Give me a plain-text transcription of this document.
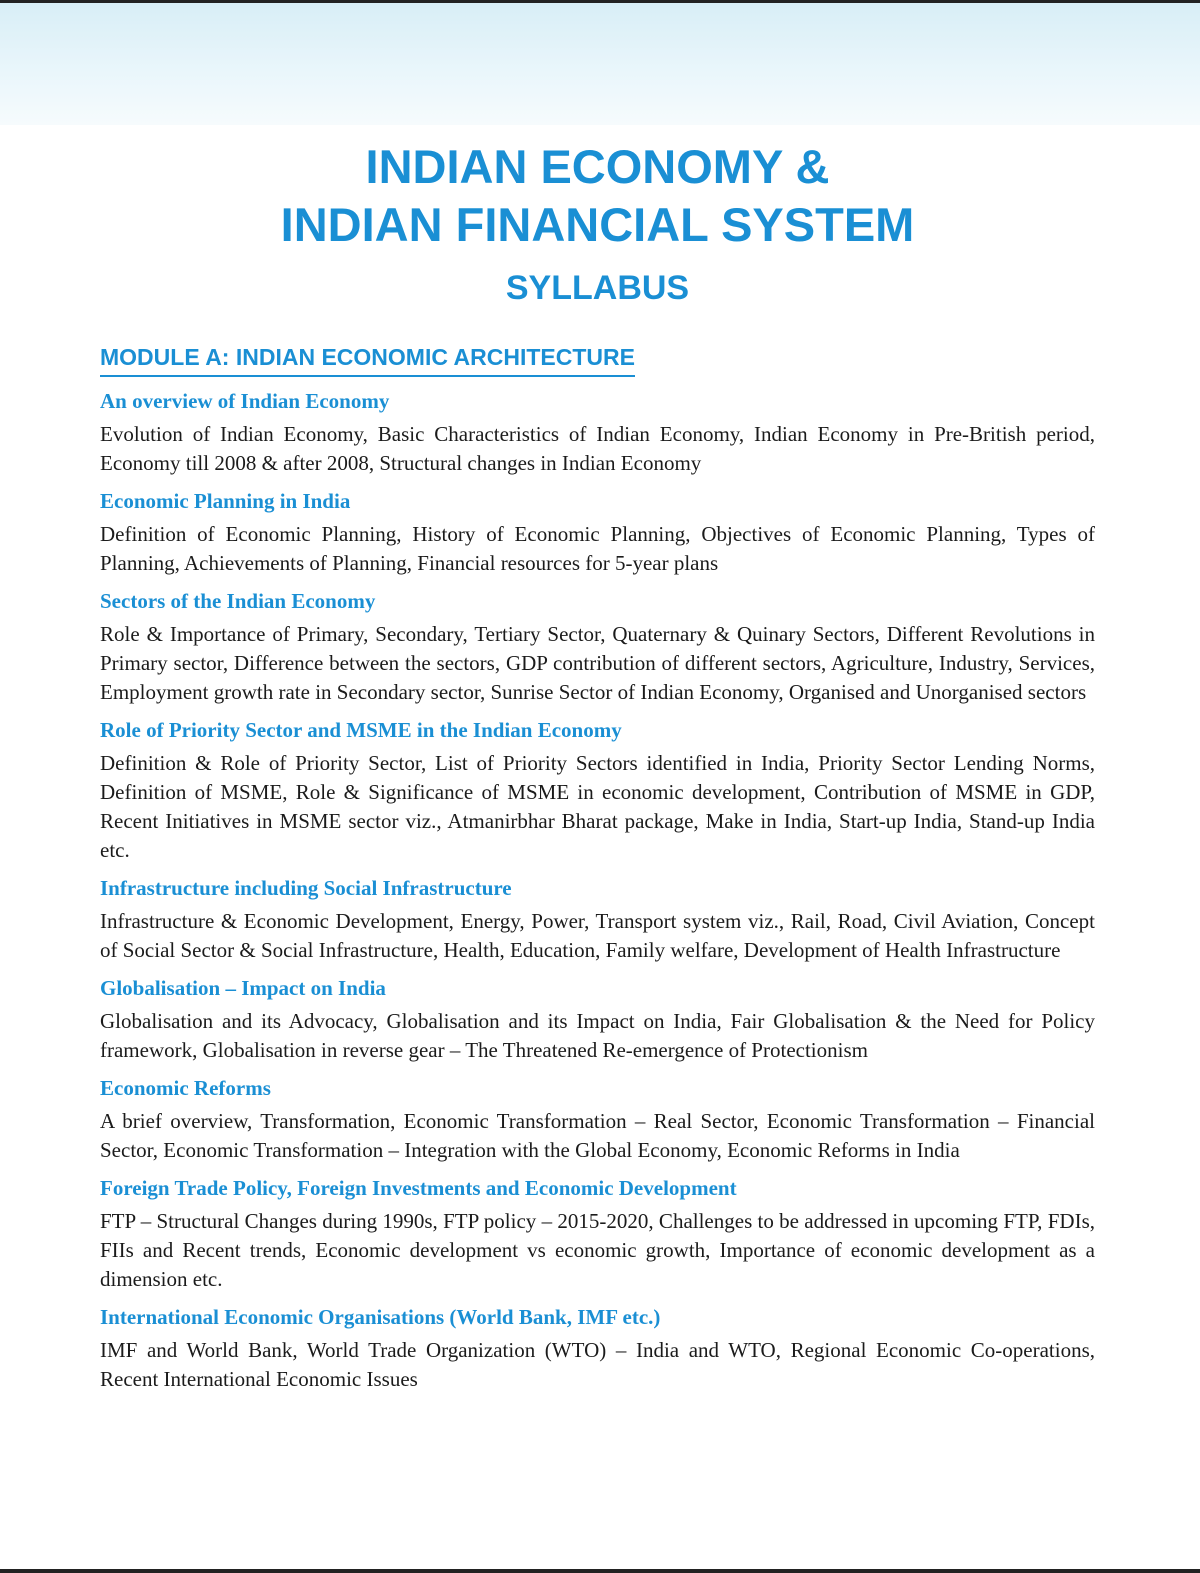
INDIAN ECONOMY &
INDIAN FINANCIAL SYSTEM
SYLLABUS
MODULE A: INDIAN ECONOMIC ARCHITECTURE
An overview of Indian Economy
Evolution of Indian Economy, Basic Characteristics of Indian Economy, Indian Economy in Pre-British period, Economy till 2008 & after 2008, Structural changes in Indian Economy
Economic Planning in India
Definition of Economic Planning, History of Economic Planning, Objectives of Economic Planning, Types of Planning, Achievements of Planning, Financial resources for 5-year plans
Sectors of the Indian Economy
Role & Importance of Primary, Secondary, Tertiary Sector, Quaternary & Quinary Sectors, Different Revolutions in Primary sector, Difference between the sectors, GDP contribution of different sectors, Agriculture, Industry, Services, Employment growth rate in Secondary sector, Sunrise Sector of Indian Economy, Organised and Unorganised sectors
Role of Priority Sector and MSME in the Indian Economy
Definition & Role of Priority Sector, List of Priority Sectors identified in India, Priority Sector Lending Norms, Definition of MSME, Role & Significance of MSME in economic development, Contribution of MSME in GDP, Recent Initiatives in MSME sector viz., Atmanirbhar Bharat package, Make in India, Start-up India, Stand-up India etc.
Infrastructure including Social Infrastructure
Infrastructure & Economic Development, Energy, Power, Transport system viz., Rail, Road, Civil Aviation, Concept of Social Sector & Social Infrastructure, Health, Education, Family welfare, Development of Health Infrastructure
Globalisation – Impact on India
Globalisation and its Advocacy, Globalisation and its Impact on India, Fair Globalisation & the Need for Policy framework, Globalisation in reverse gear – The Threatened Re-emergence of Protectionism
Economic Reforms
A brief overview, Transformation, Economic Transformation – Real Sector, Economic Transformation – Financial Sector, Economic Transformation – Integration with the Global Economy, Economic Reforms in India
Foreign Trade Policy, Foreign Investments and Economic Development
FTP – Structural Changes during 1990s, FTP policy – 2015-2020, Challenges to be addressed in upcoming FTP, FDIs, FIIs and Recent trends, Economic development vs economic growth, Importance of economic development as a dimension etc.
International Economic Organisations (World Bank, IMF etc.)
IMF and World Bank, World Trade Organization (WTO) – India and WTO, Regional Economic Co-operations, Recent International Economic Issues
